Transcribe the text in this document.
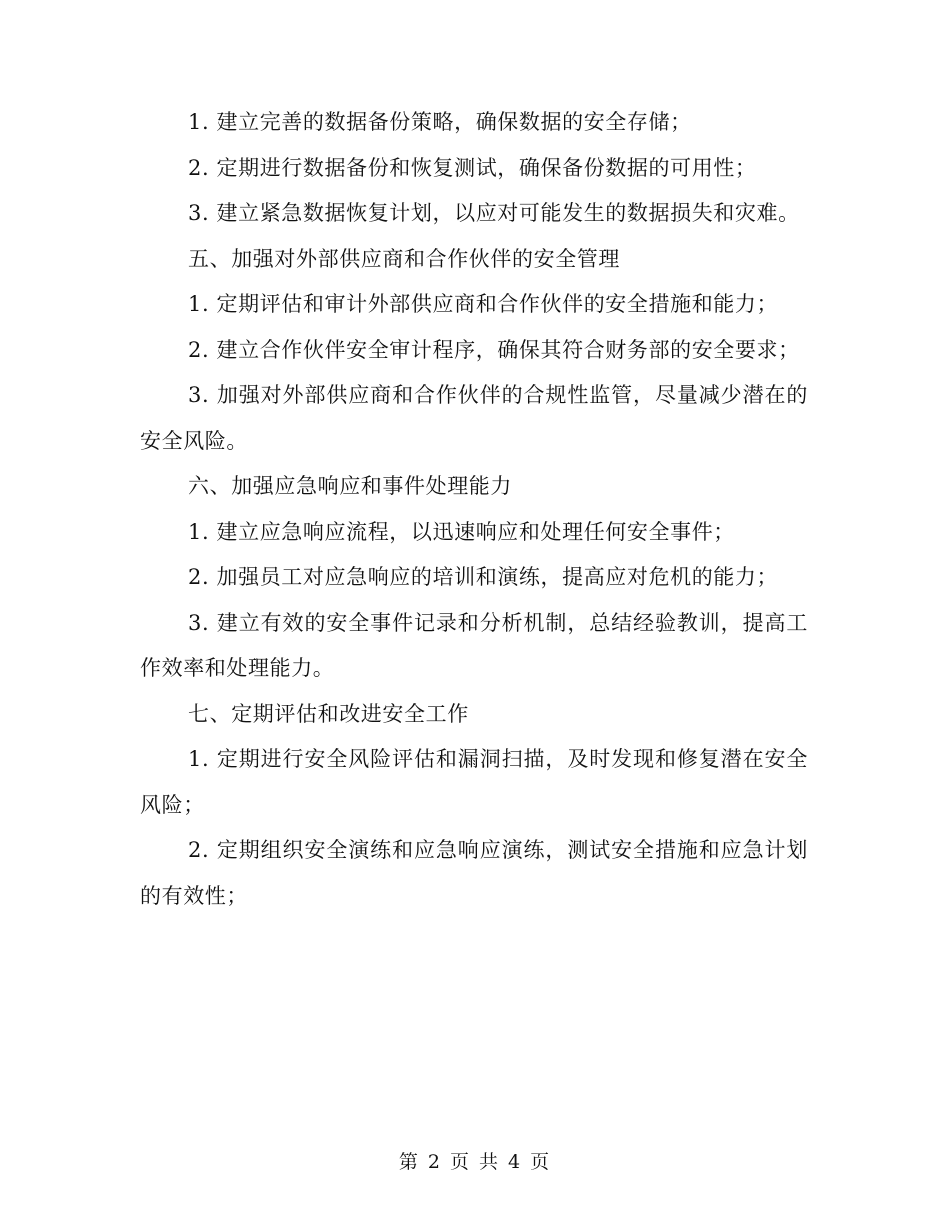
1. 建立完善的数据备份策略，确保数据的安全存储；

2. 定期进行数据备份和恢复测试，确保备份数据的可用性；

3. 建立紧急数据恢复计划，以应对可能发生的数据损失和灾难。

五、加强对外部供应商和合作伙伴的安全管理

1. 定期评估和审计外部供应商和合作伙伴的安全措施和能力；

2. 建立合作伙伴安全审计程序，确保其符合财务部的安全要求；

3. 加强对外部供应商和合作伙伴的合规性监管，尽量减少潜在的安全风险。

六、加强应急响应和事件处理能力

1. 建立应急响应流程，以迅速响应和处理任何安全事件；

2. 加强员工对应急响应的培训和演练，提高应对危机的能力；

3. 建立有效的安全事件记录和分析机制，总结经验教训，提高工作效率和处理能力。

七、定期评估和改进安全工作

1. 定期进行安全风险评估和漏洞扫描，及时发现和修复潜在安全风险；

2. 定期组织安全演练和应急响应演练，测试安全措施和应急计划的有效性；

第 2 页 共 4 页
